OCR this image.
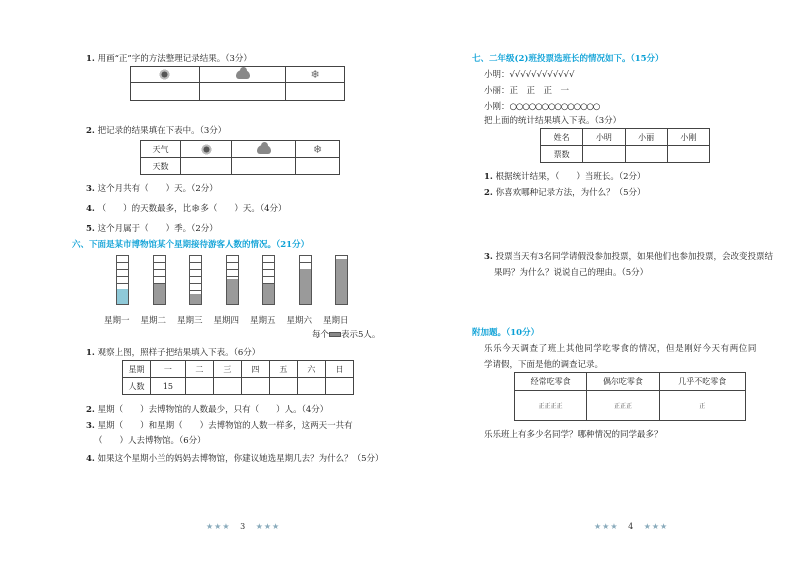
1. 用画“正”字的方法整理记录结果。（3分）
		❄

2. 把记录的结果填在下表中。（3分）
天气			❄
天数			
3. 这个月共有（　　）天。（2分）
4. （　　）的天数最多，比❄多（　　）天。（4分）
5. 这个月属于（　　）季。（2分）
六、下面是某市博物馆某个星期接待游客人数的情况。（21分）
星期一 星期二 星期三 星期四 星期五 星期六 星期日
每个 表示5人。
1. 观察上图，照样子把结果填入下表。（6分）
星期	一	二	三	四	五	六	日
人数	15						
2. 星期（　　）去博物馆的人数最少，只有（　　）人。（4分）
3. 星期（　　）和星期（　　）去博物馆的人数一样多，这两天一共有
（　　）人去博物馆。（6分）
4. 如果这个星期小兰的妈妈去博物馆，你建议她选星期几去？为什么？（5分）
★★★ 3 ★★★
七、二年级(2)班投票选班长的情况如下。（15分）
小明：√√√√√√√√√√√√
小丽：正　正　正　一
小刚：○○○○○○○○○○○○○○
把上面的统计结果填入下表。（3分）
姓名	小明	小丽	小刚
票数			
1. 根据统计结果，（　　）当班长。（2分）
2. 你喜欢哪种记录方法，为什么？（5分）
3. 投票当天有3名同学请假没参加投票，如果他们也参加投票，会改变投票结
果吗？为什么？说说自己的理由。（5分）
附加题。（10分）
乐乐今天调查了班上其他同学吃零食的情况，但是刚好今天有两位同
学请假，下面是他的调查记录。
经常吃零食	偶尔吃零食	几乎不吃零食
正正正正	正正正	正
乐乐班上有多少名同学？哪种情况的同学最多？
★★★ 4 ★★★
